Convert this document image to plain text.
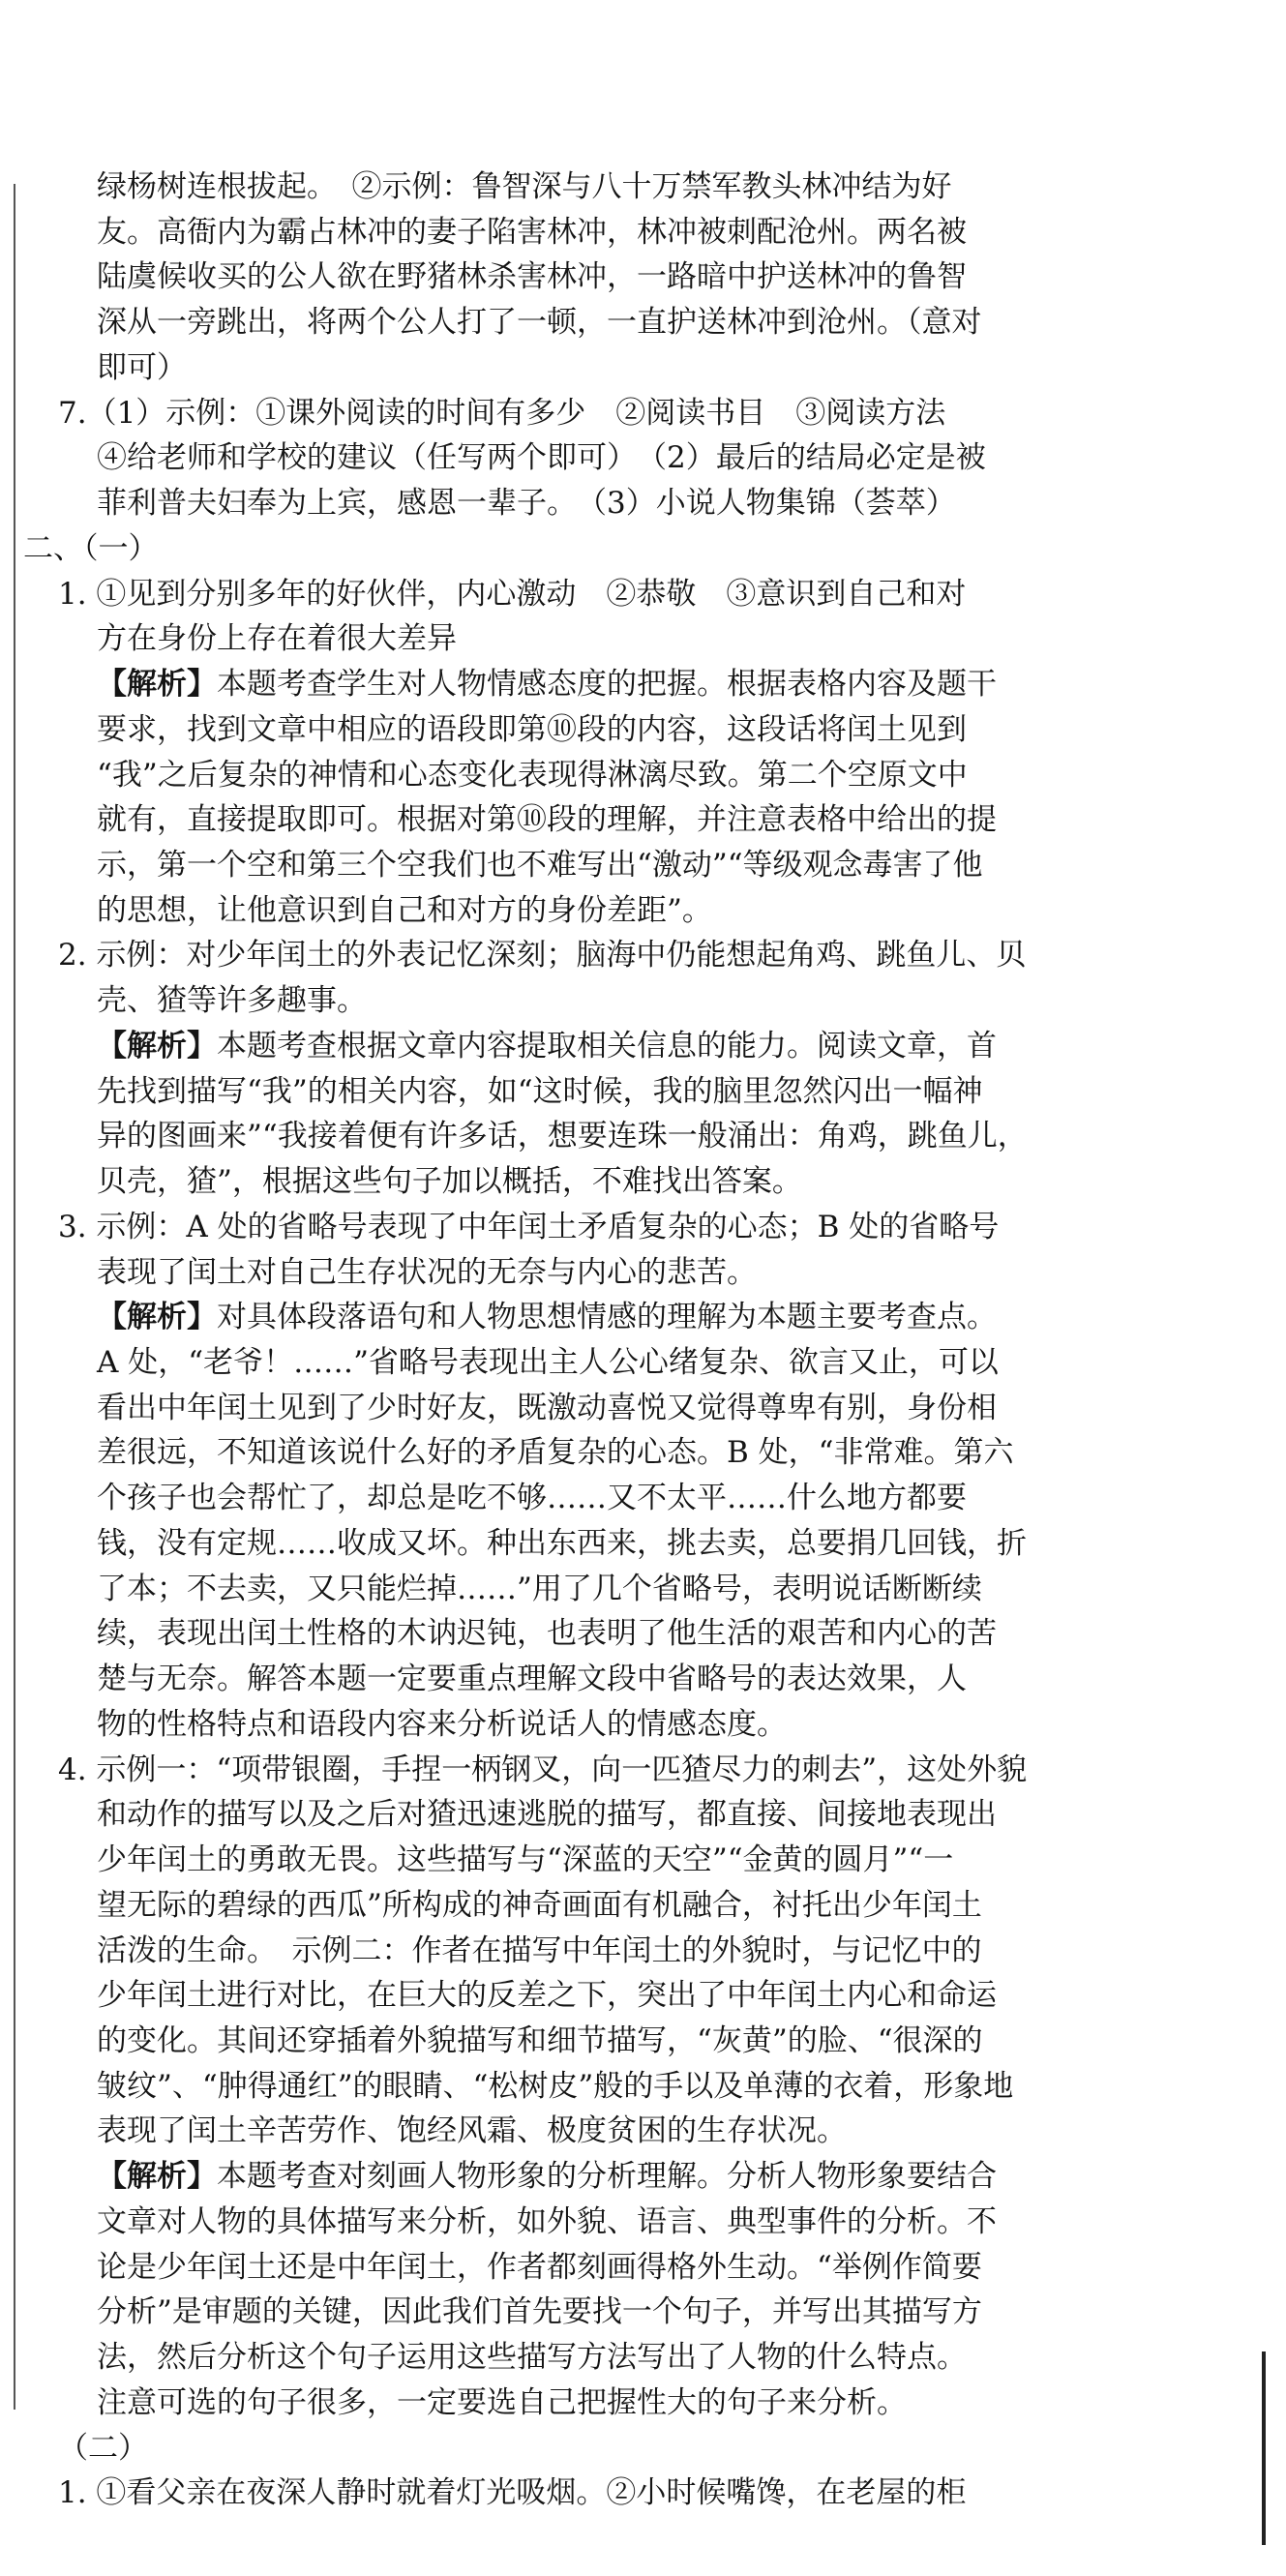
绿杨树连根拔起。　②示例：鲁智深与八十万禁军教头林冲结为好
友。高衙内为霸占林冲的妻子陷害林冲，林冲被刺配沧州。两名被
陆虞候收买的公人欲在野猪林杀害林冲，一路暗中护送林冲的鲁智
深从一旁跳出，将两个公人打了一顿，一直护送林冲到沧州。（意对
即可）
7.（1）示例：①课外阅读的时间有多少　②阅读书目　③阅读方法
④给老师和学校的建议（任写两个即可）　（2）最后的结局必定是被
菲利普夫妇奉为上宾，感恩一辈子。　（3）小说人物集锦（荟萃）
二、（一）
1. ①见到分别多年的好伙伴，内心激动　②恭敬　③意识到自己和对
方在身份上存在着很大差异
【解析】本题考查学生对人物情感态度的把握。根据表格内容及题干
要求，找到文章中相应的语段即第⑩段的内容，这段话将闰土见到
“我”之后复杂的神情和心态变化表现得淋漓尽致。第二个空原文中
就有，直接提取即可。根据对第⑩段的理解，并注意表格中给出的提
示，第一个空和第三个空我们也不难写出“激动”“等级观念毒害了他
的思想，让他意识到自己和对方的身份差距”。
2. 示例：对少年闰土的外表记忆深刻；脑海中仍能想起角鸡、跳鱼儿、贝
壳、猹等许多趣事。
【解析】本题考查根据文章内容提取相关信息的能力。阅读文章，首
先找到描写“我”的相关内容，如“这时候，我的脑里忽然闪出一幅神
异的图画来”“我接着便有许多话，想要连珠一般涌出：角鸡，跳鱼儿，
贝壳，猹”，根据这些句子加以概括，不难找出答案。
3. 示例：A 处的省略号表现了中年闰土矛盾复杂的心态；B 处的省略号
表现了闰土对自己生存状况的无奈与内心的悲苦。
【解析】对具体段落语句和人物思想情感的理解为本题主要考查点。
A 处，“老爷！……”省略号表现出主人公心绪复杂、欲言又止，可以
看出中年闰土见到了少时好友，既激动喜悦又觉得尊卑有别，身份相
差很远，不知道该说什么好的矛盾复杂的心态。B 处，“非常难。第六
个孩子也会帮忙了，却总是吃不够……又不太平……什么地方都要
钱，没有定规……收成又坏。种出东西来，挑去卖，总要捐几回钱，折
了本；不去卖，又只能烂掉……”用了几个省略号，表明说话断断续
续，表现出闰土性格的木讷迟钝，也表明了他生活的艰苦和内心的苦
楚与无奈。解答本题一定要重点理解文段中省略号的表达效果，人
物的性格特点和语段内容来分析说话人的情感态度。
4. 示例一：“项带银圈，手捏一柄钢叉，向一匹猹尽力的刺去”，这处外貌
和动作的描写以及之后对猹迅速逃脱的描写，都直接、间接地表现出
少年闰土的勇敢无畏。这些描写与“深蓝的天空”“金黄的圆月”“一
望无际的碧绿的西瓜”所构成的神奇画面有机融合，衬托出少年闰土
活泼的生命。　示例二：作者在描写中年闰土的外貌时，与记忆中的
少年闰土进行对比，在巨大的反差之下，突出了中年闰土内心和命运
的变化。其间还穿插着外貌描写和细节描写，“灰黄”的脸、“很深的
皱纹”、“肿得通红”的眼睛、“松树皮”般的手以及单薄的衣着，形象地
表现了闰土辛苦劳作、饱经风霜、极度贫困的生存状况。
【解析】本题考查对刻画人物形象的分析理解。分析人物形象要结合
文章对人物的具体描写来分析，如外貌、语言、典型事件的分析。不
论是少年闰土还是中年闰土，作者都刻画得格外生动。“举例作简要
分析”是审题的关键，因此我们首先要找一个句子，并写出其描写方
法，然后分析这个句子运用这些描写方法写出了人物的什么特点。
注意可选的句子很多，一定要选自己把握性大的句子来分析。
（二）
1. ①看父亲在夜深人静时就着灯光吸烟。②小时候嘴馋，在老屋的柜
